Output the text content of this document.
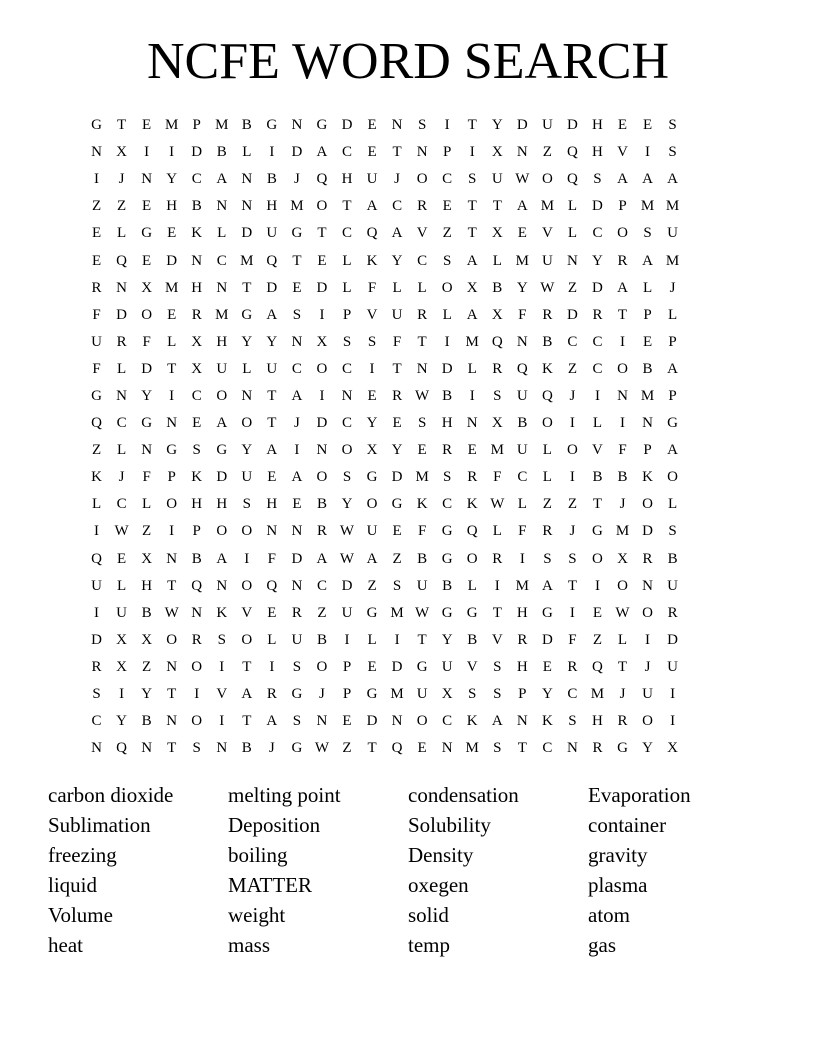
NCFE WORD SEARCH
G	T	E M P M B G N G D	E	N	S	I	T	Y D U D H	E	E	S
N X	I	I	D B	L	I	D A C	E	T	N	P	I	X N	Z	Q H V	I	S
I	J	N Y C A N B	J	Q H U	J	O C	S	U W O Q	S	A A A
Z	Z	E	H B N N H M O	T	A C	R	E	T	T	A M L	D	P M M
E	L	G	E	K	L	D U G	T	C Q A V	Z	T	X	E	V	L	C O	S	U
E	Q	E	D N C M Q	T	E	L	K Y C	S	A	L M U N Y R A M
R N X M H N	T	D	E	D	L	F	L	L	O X B Y W Z	D A	L	J
F	D O	E	R M G A	S	I	P	V U R	L	A X	F	R D R	T	P	L
U R	F	L	X H Y Y N X	S	S	F	T	I	M Q N B	C	C	I	E	P
F	L	D	T	X U	L	U C O C	I	T	N D	L	R Q K	Z	C O B A
G N Y	I	C O N	T	A	I	N	E	R W B	I	S	U Q	J	I	N M P
Q C G N	E	A O	T	J	D C Y	E	S	H N X B O	I	L	I	N G
Z	L	N G	S	G Y A	I	N O X Y	E	R	E M U	L	O V	F	P	A
K	J	F	P	K D U	E	A O	S	G D M S	R	F	C	L	I	B	B K O
L	C	L	O H H	S	H	E	B Y O G K C K W L	Z	Z	T	J	O	L
I	W Z	I	P	O O N N R W U	E	F	G Q	L	F	R	J	G M D	S
Q	E	X N B A	I	F	D A W A	Z	B G O R	I	S	S	O X R	B
U	L	H	T	Q N O Q N C D	Z	S	U B	L	I	M A	T	I	O N U
I	U B W N K V	E	R	Z	U G M W G G	T	H G	I	E W O R
D X X O R	S	O	L	U B	I	L	I	T	Y B V R D	F	Z	L	I	D
R X	Z	N O	I	T	I	S	O	P	E	D G U V	S	H	E	R Q	T	J	U
S	I	Y	T	I	V A R G	J	P	G M U X	S	S	P	Y C M	J	U	I
C Y B N O	I	T	A	S	N	E	D N O C K A N K	S	H R O	I
N Q N	T	S	N B	J	G W Z	T	Q	E	N M S	T	C N R G Y X
carbon dioxide	melting point	condensation	Evaporation
Sublimation	Deposition	Solubility	container
freezing	boiling	Density	gravity
liquid	MATTER	oxegen	plasma
Volume	weight	solid	atom
heat	mass	temp	gas
